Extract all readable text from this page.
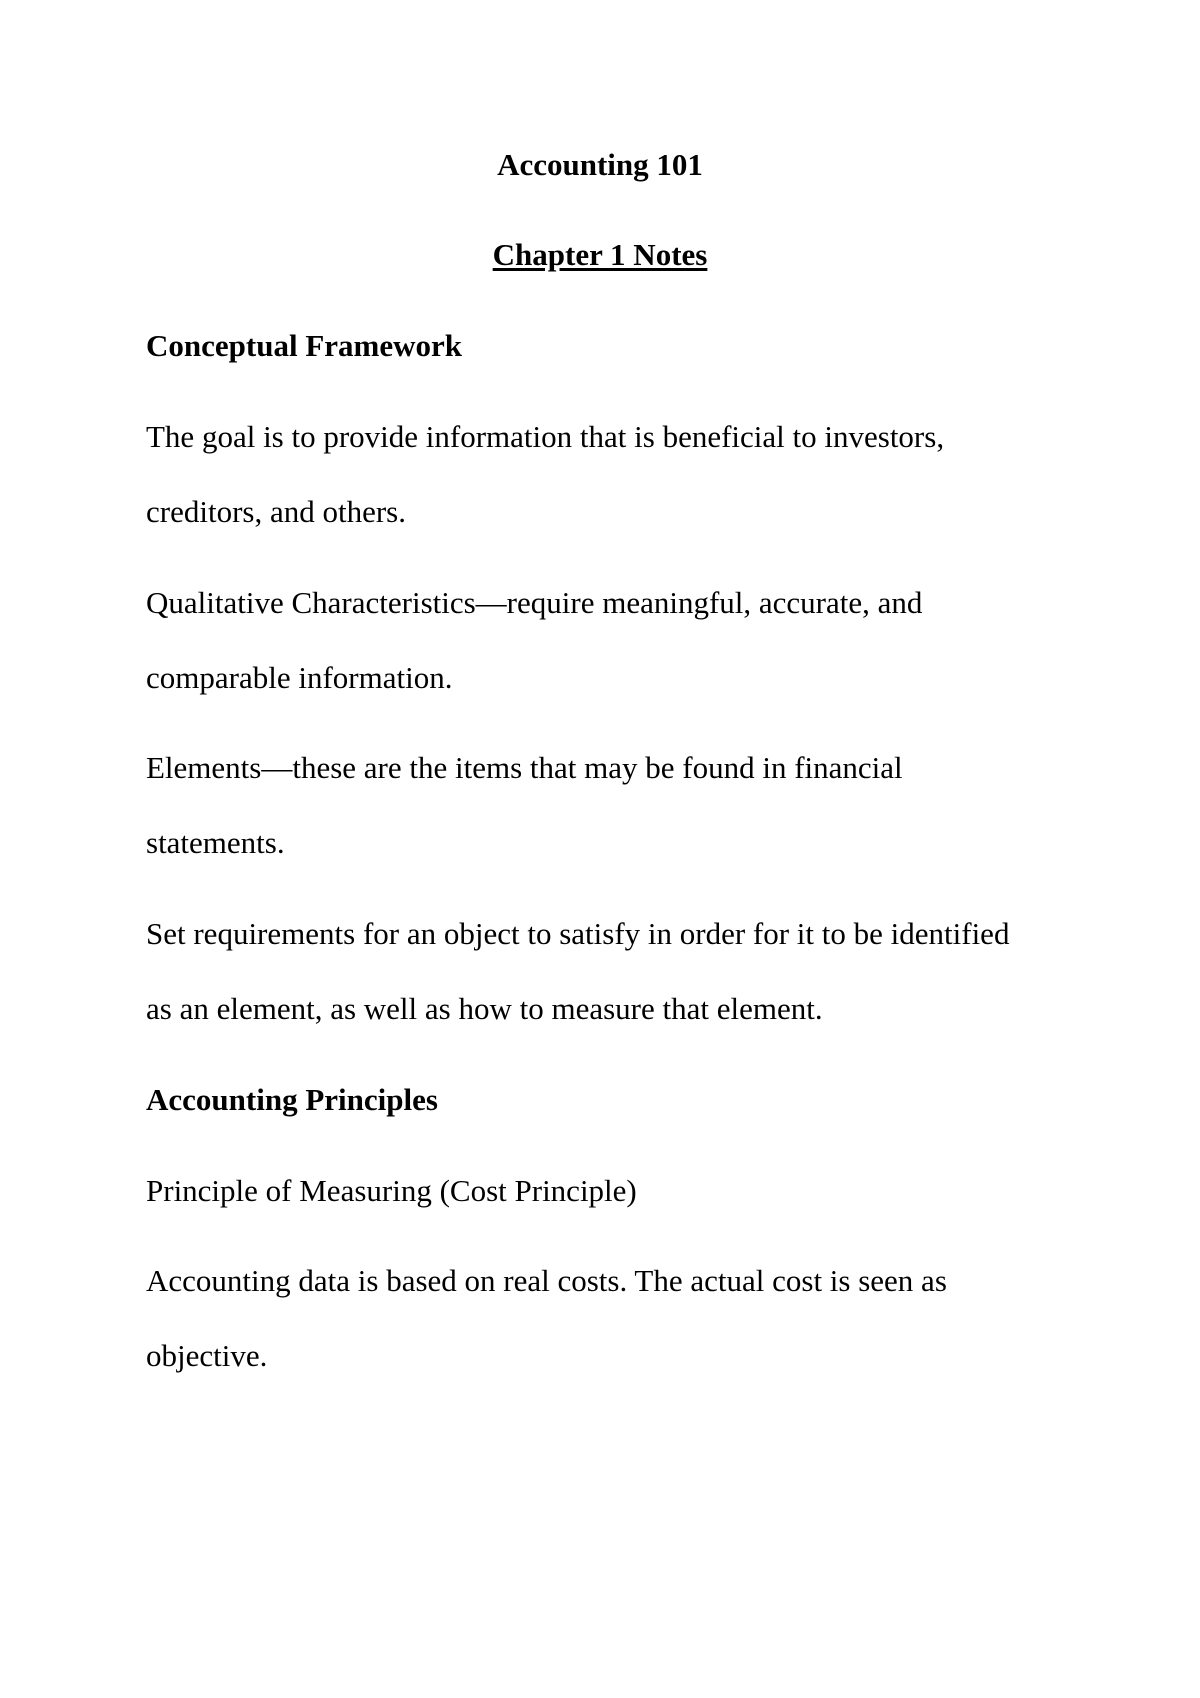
Accounting 101

Chapter 1 Notes

Conceptual Framework

The goal is to provide information that is beneficial to investors,

creditors, and others.

Qualitative Characteristics—require meaningful, accurate, and

comparable information.

Elements—these are the items that may be found in financial

statements.

Set requirements for an object to satisfy in order for it to be identified

as an element, as well as how to measure that element.

Accounting Principles

Principle of Measuring (Cost Principle)

Accounting data is based on real costs. The actual cost is seen as

objective.
